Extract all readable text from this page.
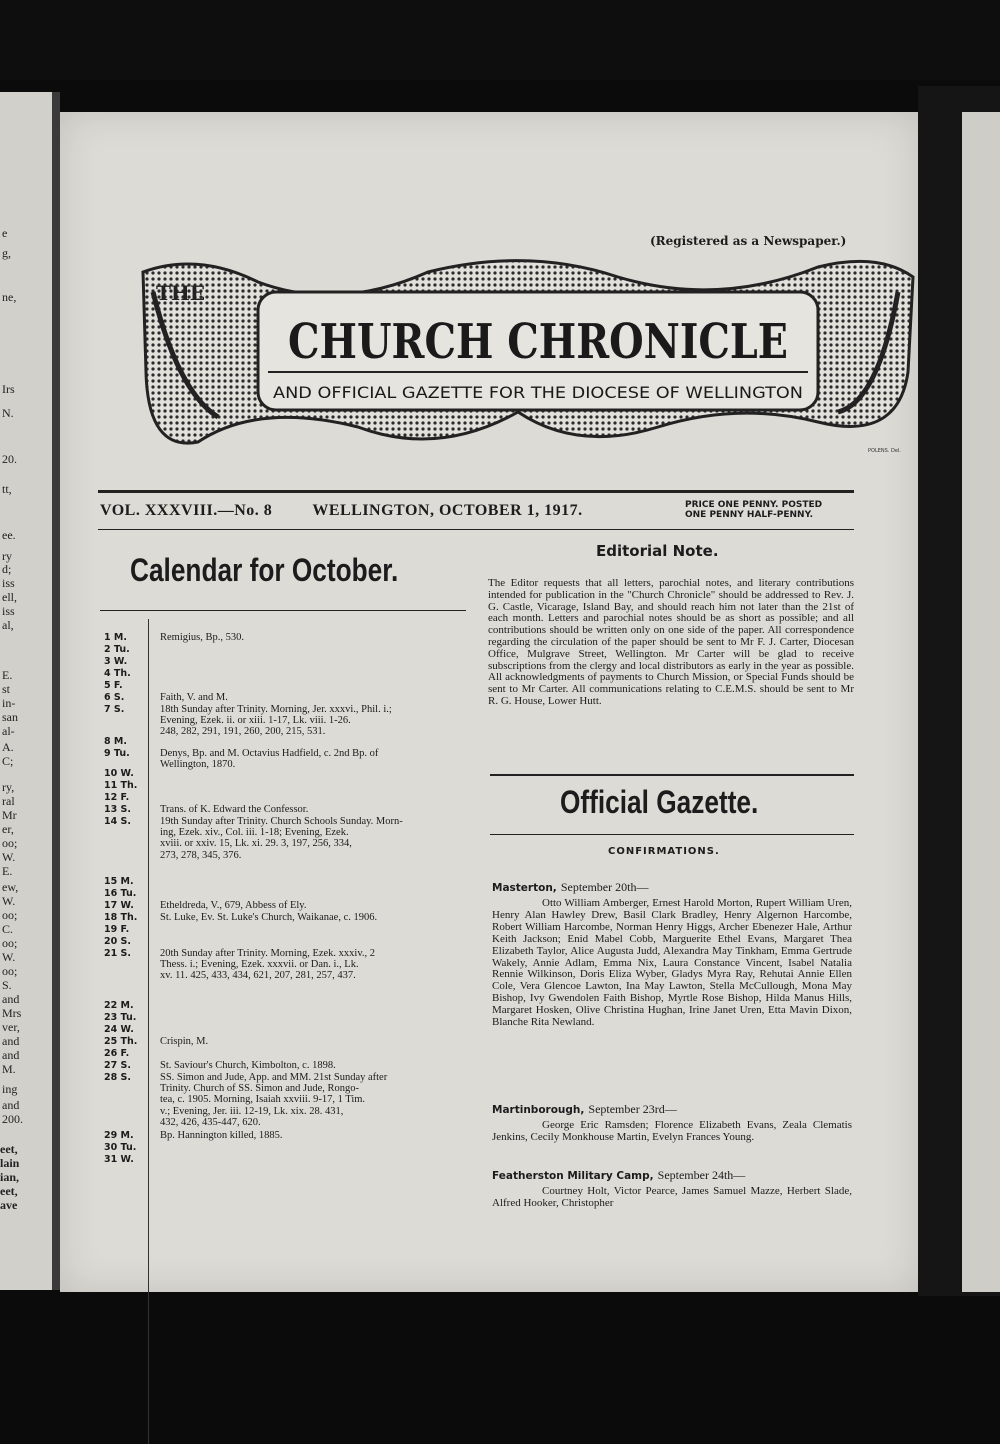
e
g,
ne,
Irs
N.
20.
tt,
ee.
ry
d;
iss
ell,
iss
al,
E.
st
in-
san
al-
A.
C;
ry,
ral
Mr
er,
oo;
W.
E.
ew,
W.
oo;
C.
oo;
W.
oo;
S.
and
Mrs
ver,
and
and
M.
ing
and
200.
eet,
lain
ian,
eet,
ave
(Registered as a Newspaper.)
THE
CHURCH CHRONICLE
AND OFFICIAL GAZETTE FOR THE DIOCESE OF WELLINGTON
POLENS. Del.
VOL. XXXVIII.—No. 8	WELLINGTON, OCTOBER 1, 1917.	PRICE ONE PENNY. POSTED
ONE PENNY HALF-PENNY.
Calendar for October.
1 M.	Remigius, Bp., 530.
2 Tu.
3 W.
4 Th.
5 F.
6 S.	Faith, V. and M.
7 S.	18th Sunday after Trinity. Morning, Jer. xxxvi., Phil. i.;
Evening, Ezek. ii. or xiii. 1-17, Lk. viii. 1-26.
248, 282, 291, 191, 260, 200, 215, 531.
8 M.
9 Tu.	Denys, Bp. and M. Octavius Hadfield, c. 2nd Bp. of
Wellington, 1870.
10 W.
11 Th.
12 F.
13 S.	Trans. of K. Edward the Confessor.
14 S.	19th Sunday after Trinity. Church Schools Sunday. Morn-
ing, Ezek. xiv., Col. iii. 1-18; Evening, Ezek.
xviii. or xxiv. 15, Lk. xi. 29. 3, 197, 256, 334,
273, 278, 345, 376.
15 M.
16 Tu.
17 W.	Etheldreda, V., 679, Abbess of Ely.
18 Th.	St. Luke, Ev. St. Luke's Church, Waikanae, c. 1906.
19 F.
20 S.
21 S.	20th Sunday after Trinity. Morning, Ezek. xxxiv., 2
Thess. i.; Evening, Ezek. xxxvii. or Dan. i., Lk.
xv. 11. 425, 433, 434, 621, 207, 281, 257, 437.
22 M.
23 Tu.
24 W.
25 Th.	Crispin, M.
26 F.
27 S.	St. Saviour's Church, Kimbolton, c. 1898.
28 S.	SS. Simon and Jude, App. and MM. 21st Sunday after
Trinity. Church of SS. Simon and Jude, Rongo-
tea, c. 1905. Morning, Isaiah xxviii. 9-17, 1 Tim.
v.; Evening, Jer. iii. 12-19, Lk. xix. 28. 431,
432, 426, 435-447, 620.
29 M.	Bp. Hannington killed, 1885.
30 Tu.
31 W.
Editorial Note.
The Editor requests that all letters, parochial notes, and literary contributions intended for publication in the "Church Chronicle" should be addressed to Rev. J. G. Castle, Vicarage, Island Bay, and should reach him not later than the 21st of each month. Letters and parochial notes should be as short as possible; and all contributions should be written only on one side of the paper. All correspondence regarding the circulation of the paper should be sent to Mr F. J. Carter, Diocesan Office, Mulgrave Street, Wellington. Mr Carter will be glad to receive subscriptions from the clergy and local distributors as early in the year as possible. All acknowledgments of payments to Church Mission, or Special Funds should be sent to Mr Carter. All communications relating to C.E.M.S. should be sent to Mr R. G. House, Lower Hutt.
Official Gazette.
CONFIRMATIONS.
Masterton, September 20th—
Otto William Amberger, Ernest Harold Morton, Rupert William Uren, Henry Alan Hawley Drew, Basil Clark Bradley, Henry Algernon Harcombe, Robert William Harcombe, Norman Henry Higgs, Archer Ebenezer Hale, Arthur Keith Jackson; Enid Mabel Cobb, Marguerite Ethel Evans, Margaret Thea Elizabeth Taylor, Alice Augusta Judd, Alexandra May Tinkham, Emma Gertrude Wakely, Annie Adlam, Emma Nix, Laura Constance Vincent, Isabel Natalia Rennie Wilkinson, Doris Eliza Wyber, Gladys Myra Ray, Rehutai Annie Ellen Cole, Vera Glencoe Lawton, Ina May Lawton, Stella McCullough, Mona May Bishop, Ivy Gwendolen Faith Bishop, Myrtle Rose Bishop, Hilda Manus Hills, Margaret Hosken, Olive Christina Hughan, Irine Janet Uren, Etta Mavin Dixon, Blanche Rita Newland.
Martinborough, September 23rd—
George Eric Ramsden; Florence Elizabeth Evans, Zeala Clematis Jenkins, Cecily Monkhouse Martin, Evelyn Frances Young.
Featherston Military Camp, September 24th—
Courtney Holt, Victor Pearce, James Samuel Mazze, Herbert Slade, Alfred Hooker, Christopher
